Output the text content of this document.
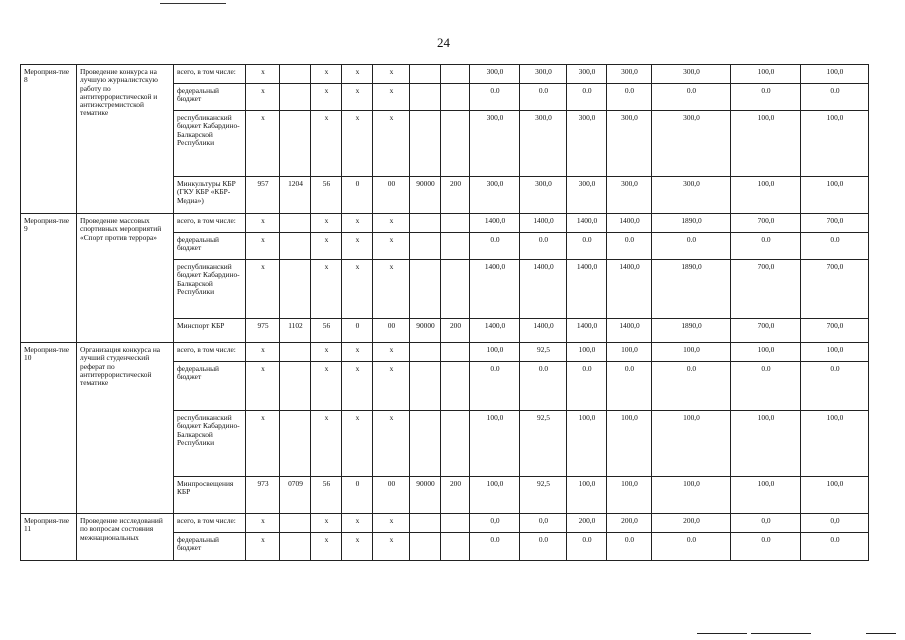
24
Мероприя-тие 8	Проведение конкурса на лучшую журналистскую работу по антитеррористической и антиэкстремистской тематике	всего, в том числе:	х		х	х	х			300,0	300,0	300,0	300,0	300,0	100,0	100,0
		федеральный бюджет	х		х	х	х			0.0	0.0	0.0	0.0	0.0	0.0	0.0
		республиканский бюджет Кабардино-Балкарской Республики	х		х	х	х			300,0	300,0	300,0	300,0	300,0	100,0	100,0
		Минкультуры КБР (ГКУ КБР «КБР-Медиа»)	957	1204	56	0	00	90000	200	300,0	300,0	300,0	300,0	300,0	100,0	100,0
Мероприя-тие 9	Проведение массовых спортивных мероприятий «Спорт против террора»	всего, в том числе:	х		х	х	х			1400,0	1400,0	1400,0	1400,0	1890,0	700,0	700,0
		федеральный бюджет	х		х	х	х			0.0	0.0	0.0	0.0	0.0	0.0	0.0
		республиканский бюджет Кабардино-Балкарской Республики	х		х	х	х			1400,0	1400,0	1400,0	1400,0	1890,0	700,0	700,0
		Минспорт КБР	975	1102	56	0	00	90000	200	1400,0	1400,0	1400,0	1400,0	1890,0	700,0	700,0
Мероприя-тие 10	Организация конкурса на лучший студенческий реферат по антитеррористической тематике	всего, в том числе:	х		х	х	х			100,0	92,5	100,0	100,0	100,0	100,0	100,0
		федеральный бюджет	х		х	х	х			0.0	0.0	0.0	0.0	0.0	0.0	0.0
		республиканский бюджет Кабардино-Балкарской Республики	х		х	х	х			100,0	92,5	100,0	100,0	100,0	100,0	100,0
		Минпросвещения КБР	973	0709	56	0	00	90000	200	100,0	92,5	100,0	100,0	100,0	100,0	100,0
Мероприя-тие 11	Проведение исследований по вопросам состояния межнациональных	всего, в том числе:	х		х	х	х			0,0	0,0	200,0	200,0	200,0	0,0	0,0
		федеральный бюджет	х		х	х	х			0.0	0.0	0.0	0.0	0.0	0.0	0.0
